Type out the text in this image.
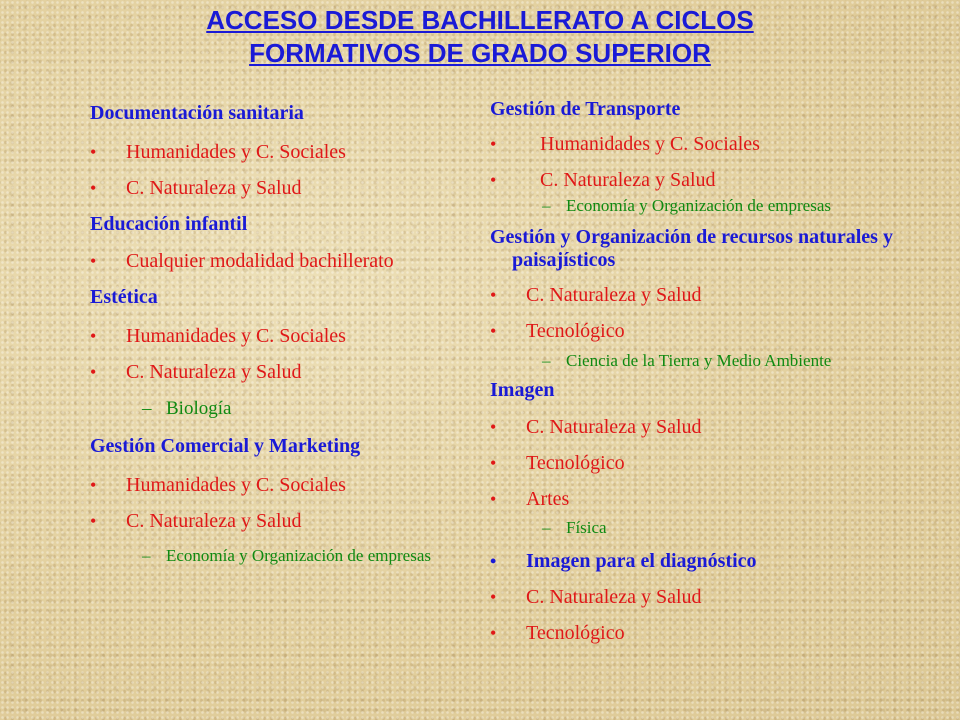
ACCESO DESDE BACHILLERATO A CICLOS
FORMATIVOS DE GRADO SUPERIOR
Documentación sanitaria
• Humanidades y C. Sociales
• C. Naturaleza y Salud
Educación infantil
• Cualquier modalidad bachillerato
Estética
• Humanidades y C. Sociales
• C. Naturaleza y Salud
– Biología
Gestión Comercial y Marketing
• Humanidades y C. Sociales
• C. Naturaleza y Salud
– Economía y Organización de empresas
Gestión de Transporte
• Humanidades y C. Sociales
• C. Naturaleza y Salud
– Economía y Organización de empresas
Gestión y Organización de recursos naturales y paisajísticos
• C. Naturaleza y Salud
• Tecnológico
– Ciencia de la Tierra y Medio Ambiente
Imagen
• C. Naturaleza y Salud
• Tecnológico
• Artes
– Física
• Imagen para el diagnóstico
• C. Naturaleza y Salud
• Tecnológico
